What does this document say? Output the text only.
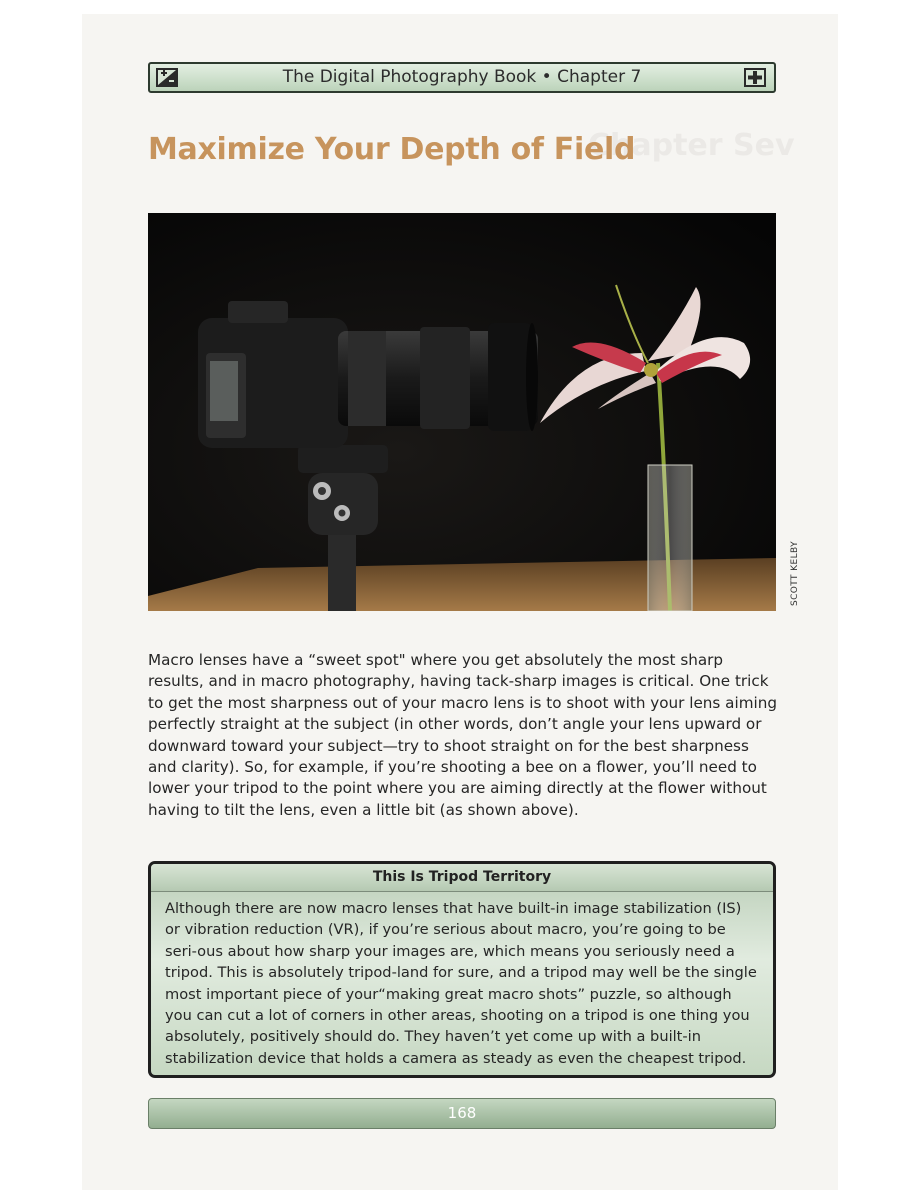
The Digital Photography Book • Chapter 7
Chapter Sev
Maximize Your Depth of Field
SCOTT KELBY

Macro lenses have a “sweet spot" where you get absolutely the most sharp results, and in macro photography, having tack-sharp images is critical. One trick to get the most sharpness out of your macro lens is to shoot with your lens aiming perfectly straight at the subject (in other words, don’t angle your lens upward or downward toward your subject—try to shoot straight on for the best sharpness and clarity). So, for example, if you’re shooting a bee on a flower, you’ll need to lower your tripod to the point where you are aiming directly at the flower without having to tilt the lens, even a little bit (as shown above).

This Is Tripod Territory

Although there are now macro lenses that have built-in image stabilization (IS) or vibration reduction (VR), if you’re serious about macro, you’re going to be seri-ous about how sharp your images are, which means you seriously need a tripod. This is absolutely tripod-land for sure, and a tripod may well be the single most important piece of your“making great macro shots” puzzle, so although you can cut a lot of corners in other areas, shooting on a tripod is one thing you absolutely, positively should do. They haven’t yet come up with a built-in stabilization device that holds a camera as steady as even the cheapest tripod.

168
